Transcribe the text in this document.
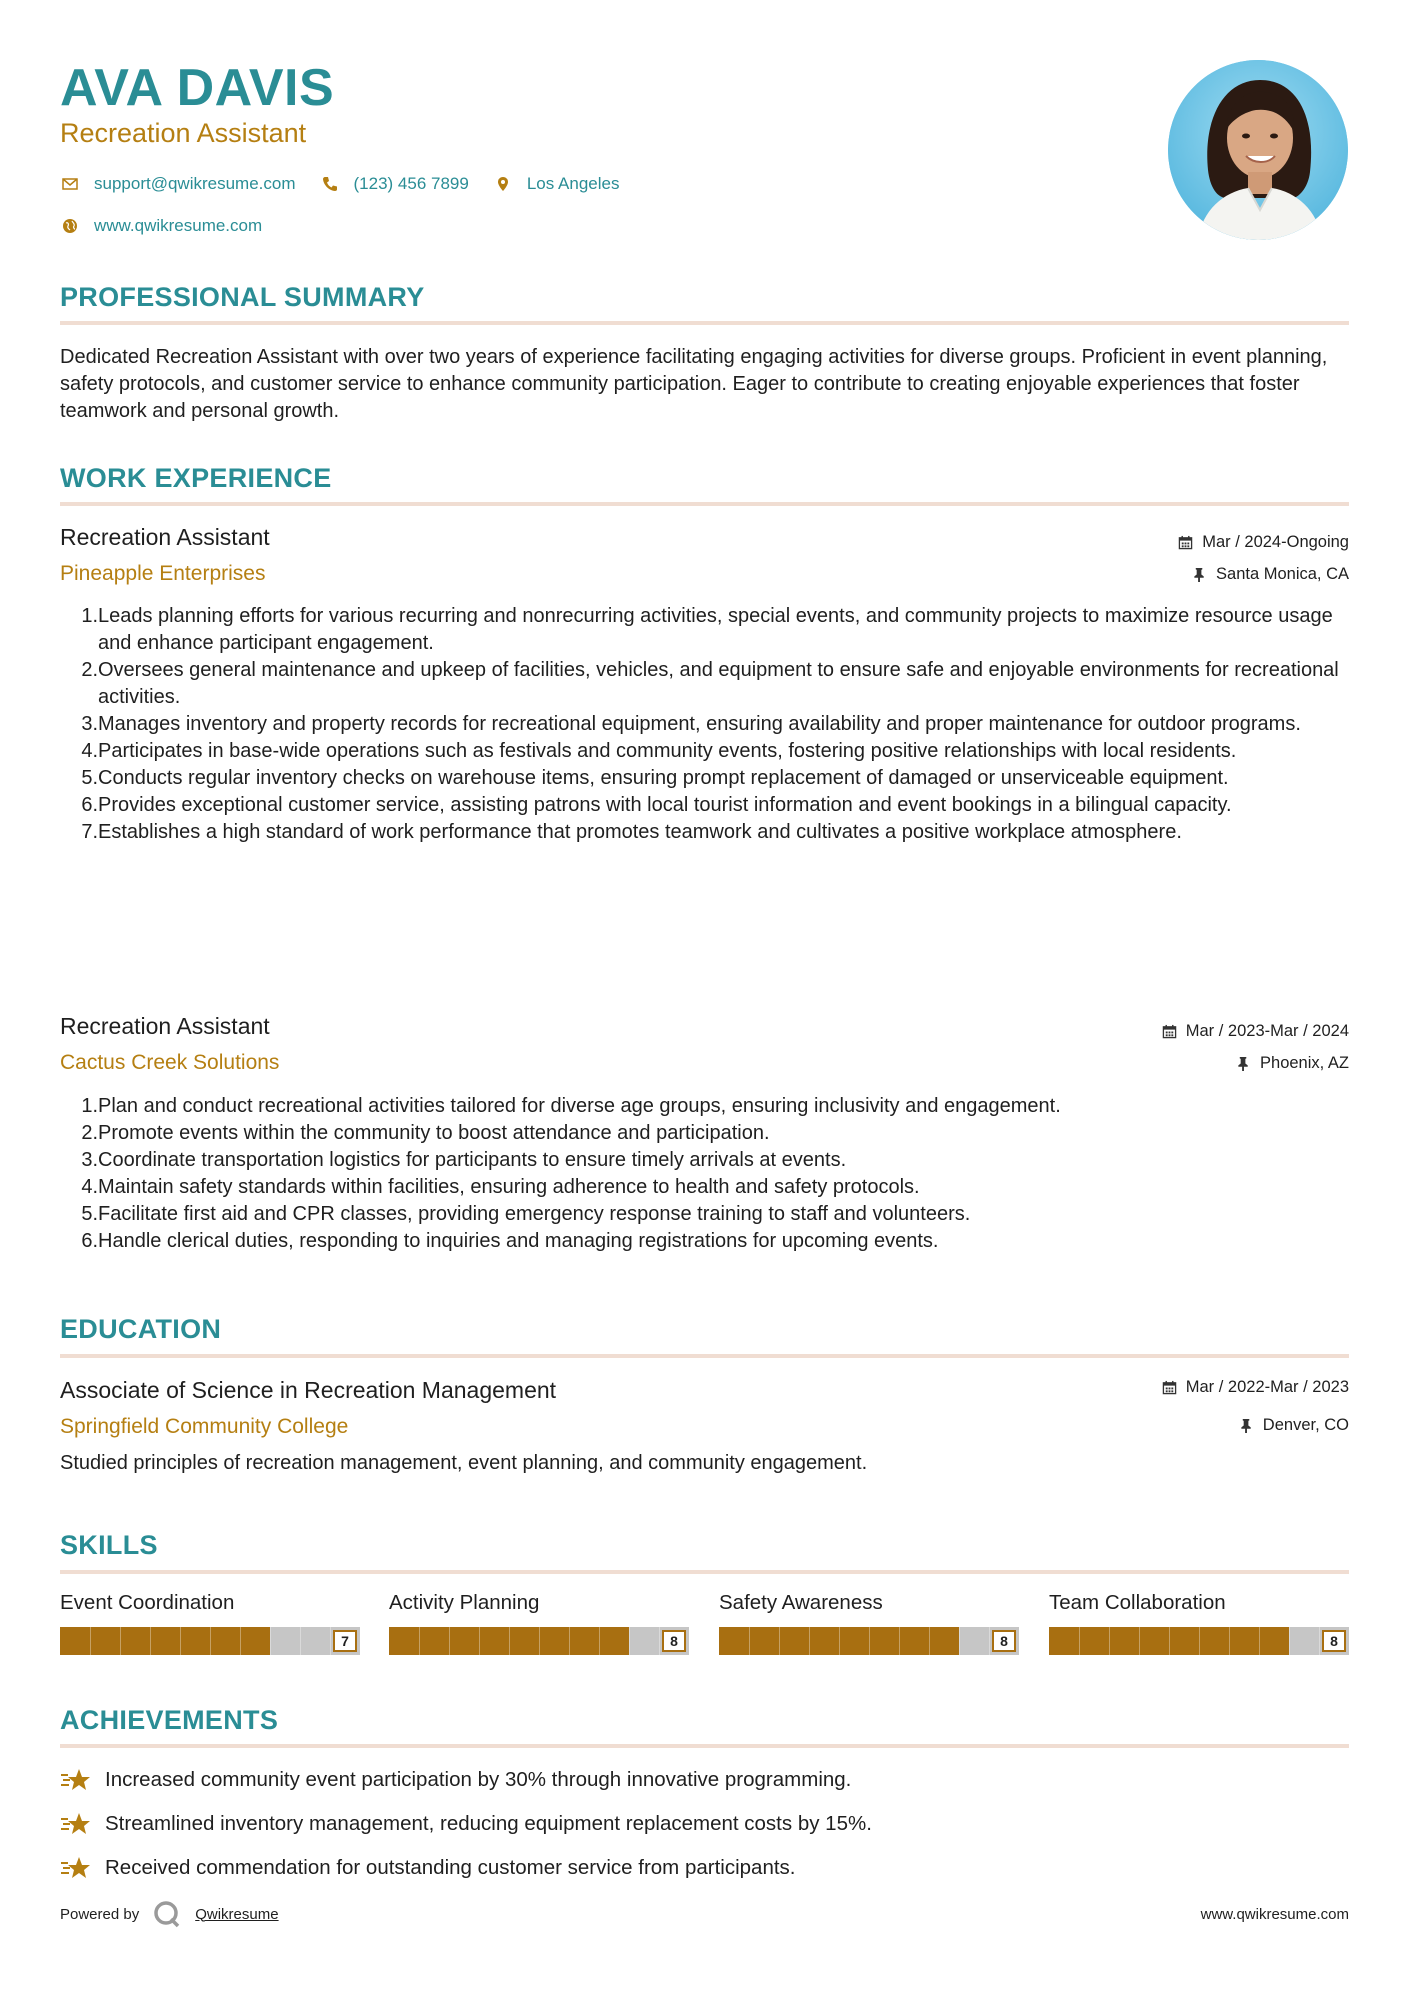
AVA DAVIS
Recreation Assistant
support@qwikresume.com	(123) 456 7899	Los Angeles
www.qwikresume.com
PROFESSIONAL SUMMARY
Dedicated Recreation Assistant with over two years of experience facilitating engaging activities for diverse groups. Proficient in event planning, safety protocols, and customer service to enhance community participation. Eager to contribute to creating enjoyable experiences that foster teamwork and personal growth.
WORK EXPERIENCE
Recreation Assistant
Pineapple Enterprises
Mar / 2024-Ongoing
Santa Monica, CA
1 . Leads planning efforts for various recurring and nonrecurring activities, special events, and community projects to maximize resource usage and enhance participant engagement.
2 . Oversees general maintenance and upkeep of facilities, vehicles, and equipment to ensure safe and enjoyable environments for recreational activities.
3 . Manages inventory and property records for recreational equipment, ensuring availability and proper maintenance for outdoor programs.
4 . Participates in base-wide operations such as festivals and community events, fostering positive relationships with local residents.
5 . Conducts regular inventory checks on warehouse items, ensuring prompt replacement of damaged or unserviceable equipment.
6 . Provides exceptional customer service, assisting patrons with local tourist information and event bookings in a bilingual capacity.
7 . Establishes a high standard of work performance that promotes teamwork and cultivates a positive workplace atmosphere.
Recreation Assistant
Cactus Creek Solutions
Mar / 2023-Mar / 2024
Phoenix, AZ
1 . Plan and conduct recreational activities tailored for diverse age groups, ensuring inclusivity and engagement.
2 . Promote events within the community to boost attendance and participation.
3 . Coordinate transportation logistics for participants to ensure timely arrivals at events.
4 . Maintain safety standards within facilities, ensuring adherence to health and safety protocols.
5 . Facilitate first aid and CPR classes, providing emergency response training to staff and volunteers.
6 . Handle clerical duties, responding to inquiries and managing registrations for upcoming events.
EDUCATION
Associate of Science in Recreation Management
Springfield Community College
Mar / 2022-Mar / 2023
Denver, CO
Studied principles of recreation management, event planning, and community engagement.
SKILLS
Event Coordination
7
Activity Planning
8
Safety Awareness
8
Team Collaboration
8
ACHIEVEMENTS
Increased community event participation by 30% through innovative programming.
Streamlined inventory management, reducing equipment replacement costs by 15%.
Received commendation for outstanding customer service from participants.
Powered by	Qwikresume	www.qwikresume.com
